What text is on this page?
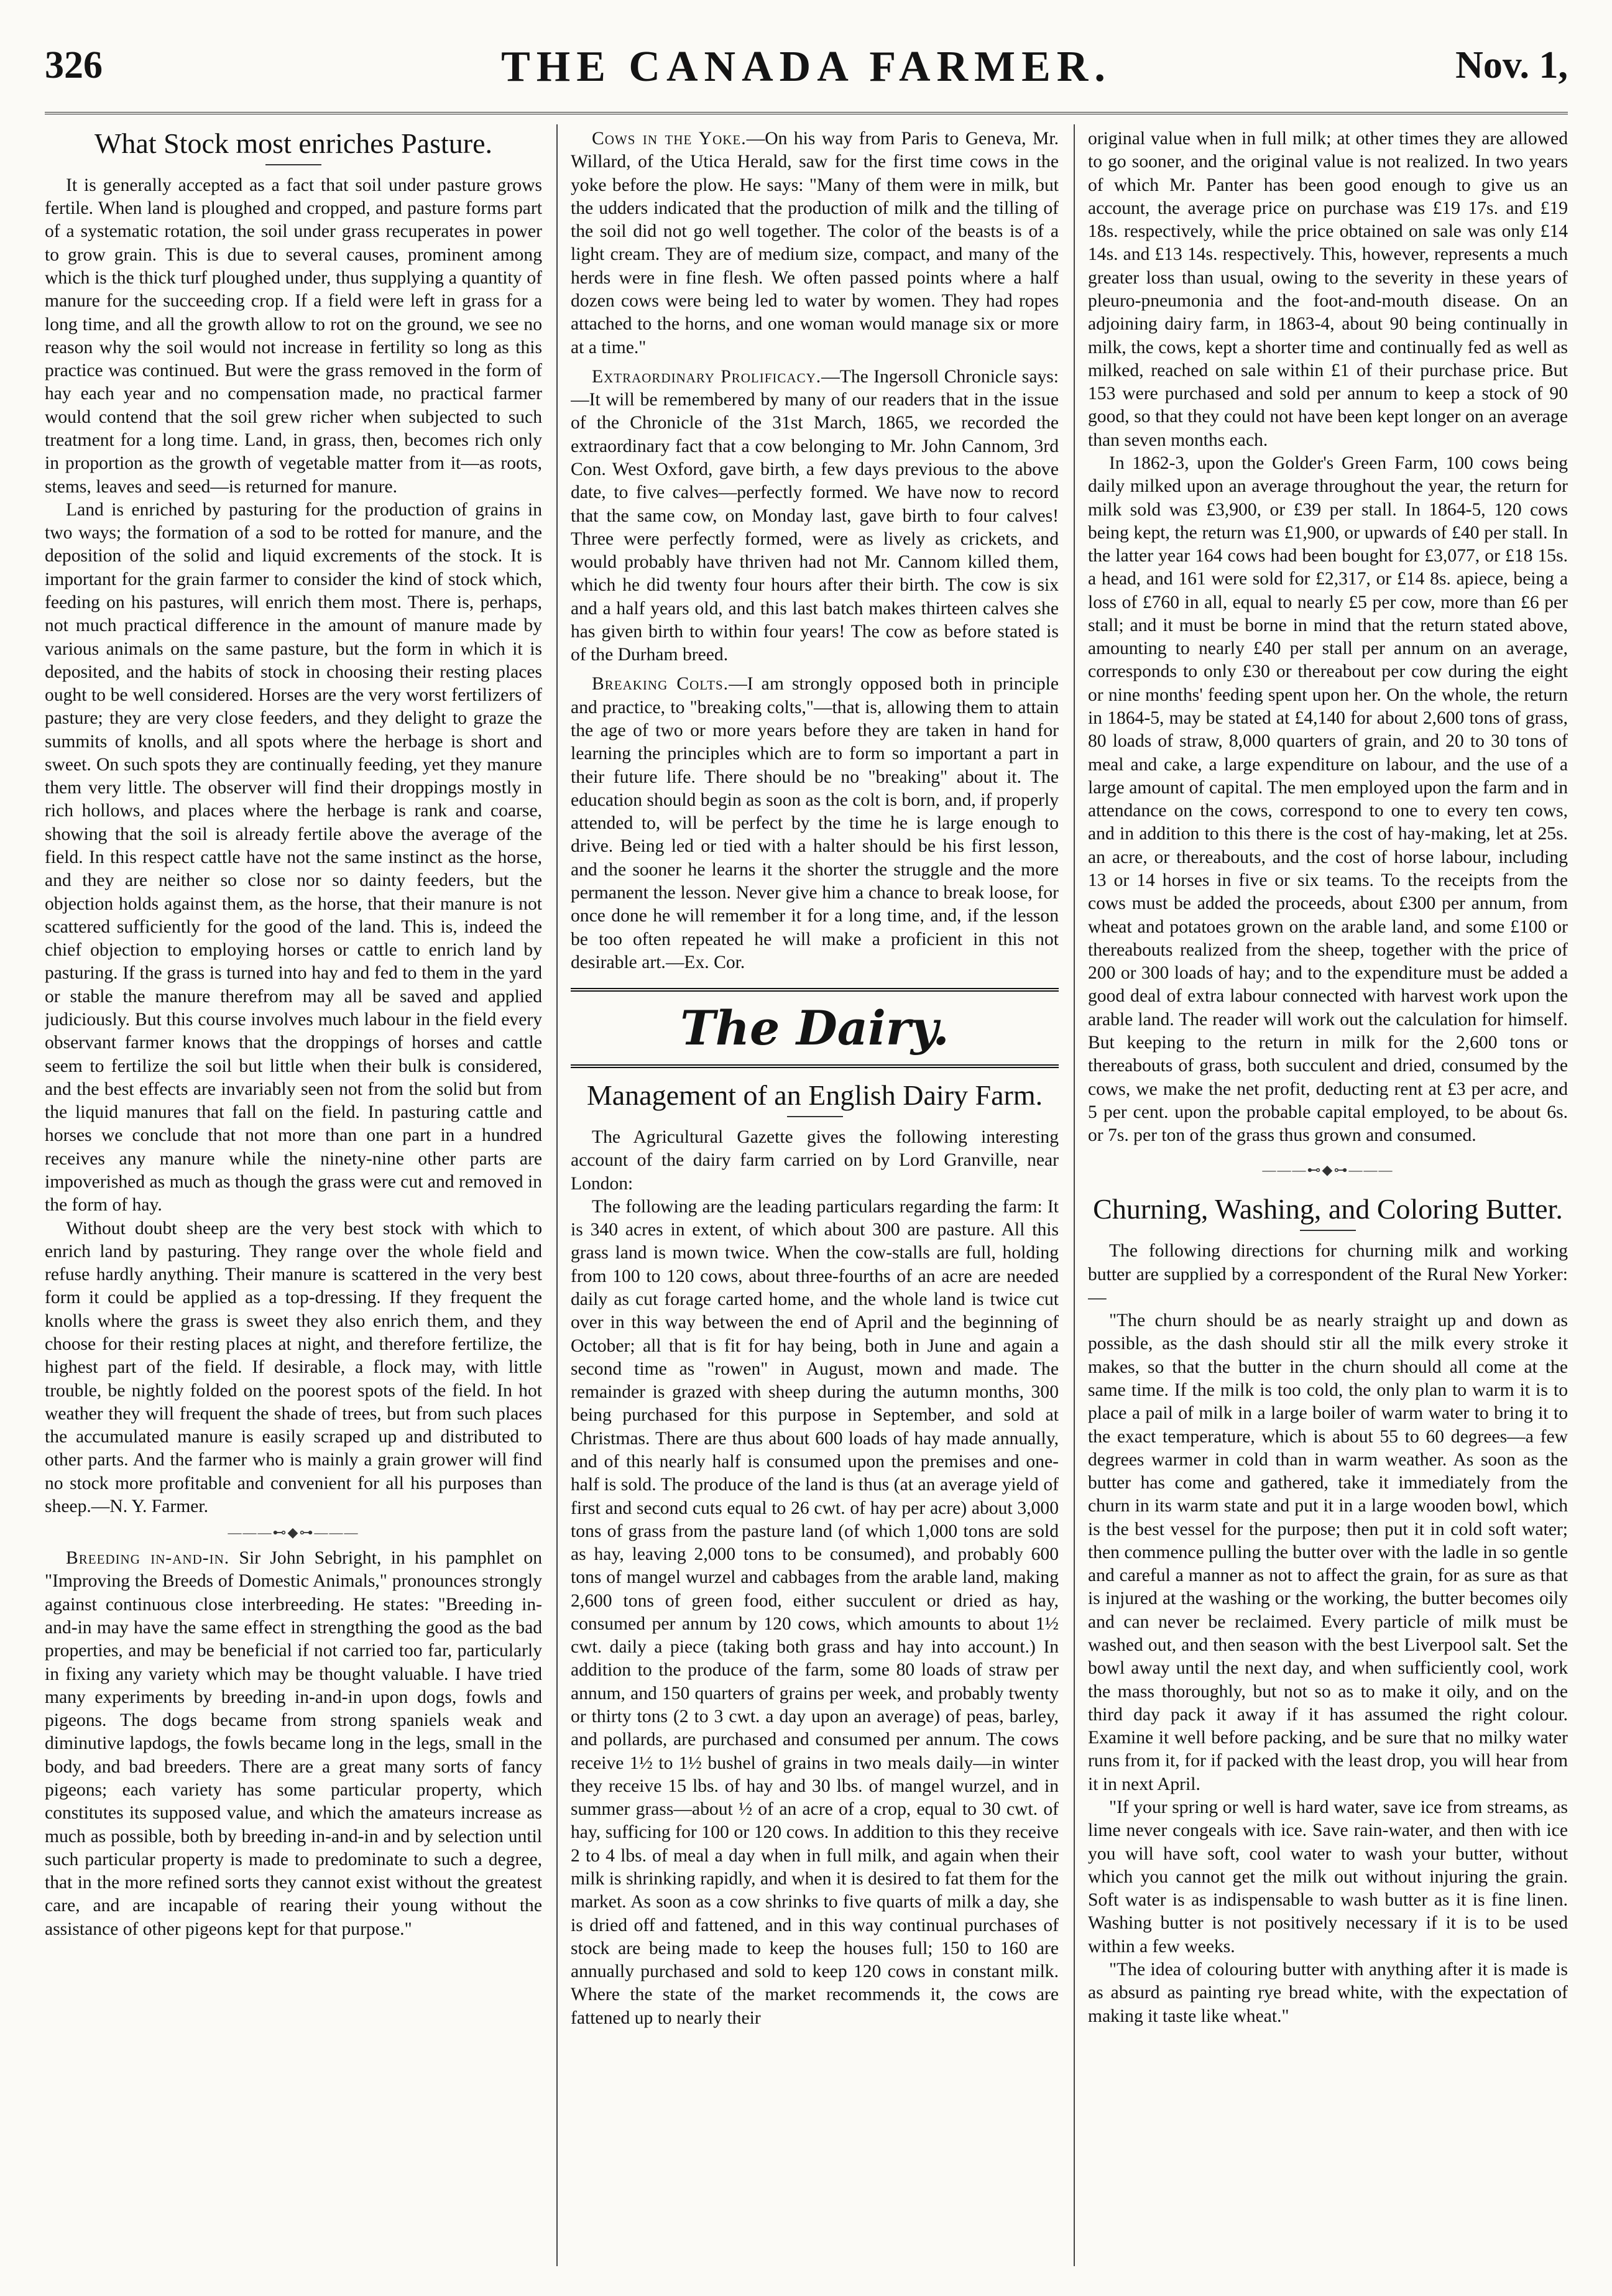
326	THE CANADA FARMER.	Nov. 1,
What Stock most enriches Pasture.

It is generally accepted as a fact that soil under pasture grows fertile. When land is ploughed and cropped, and pasture forms part of a systematic rotation, the soil under grass recuperates in power to grow grain. This is due to several causes, prominent among which is the thick turf ploughed under, thus supplying a quantity of manure for the succeeding crop. If a field were left in grass for a long time, and all the growth allow to rot on the ground, we see no reason why the soil would not increase in fertility so long as this practice was continued. But were the grass removed in the form of hay each year and no compensation made, no practical farmer would contend that the soil grew richer when subjected to such treatment for a long time. Land, in grass, then, becomes rich only in proportion as the growth of vegetable matter from it—as roots, stems, leaves and seed—is returned for manure.

Land is enriched by pasturing for the production of grains in two ways; the formation of a sod to be rotted for manure, and the deposition of the solid and liquid excrements of the stock. It is important for the grain farmer to consider the kind of stock which, feeding on his pastures, will enrich them most. There is, perhaps, not much practical difference in the amount of manure made by various animals on the same pasture, but the form in which it is deposited, and the habits of stock in choosing their resting places ought to be well considered. Horses are the very worst fertilizers of pasture; they are very close feeders, and they delight to graze the summits of knolls, and all spots where the herbage is short and sweet. On such spots they are continually feeding, yet they manure them very little. The observer will find their droppings mostly in rich hollows, and places where the herbage is rank and coarse, showing that the soil is already fertile above the average of the field. In this respect cattle have not the same instinct as the horse, and they are neither so close nor so dainty feeders, but the objection holds against them, as the horse, that their manure is not scattered sufficiently for the good of the land. This is, indeed the chief objection to employing horses or cattle to enrich land by pasturing. If the grass is turned into hay and fed to them in the yard or stable the manure therefrom may all be saved and applied judiciously. But this course involves much labour in the field every observant farmer knows that the droppings of horses and cattle seem to fertilize the soil but little when their bulk is considered, and the best effects are invariably seen not from the solid but from the liquid manures that fall on the field. In pasturing cattle and horses we conclude that not more than one part in a hundred receives any manure while the ninety-nine other parts are impoverished as much as though the grass were cut and removed in the form of hay.

Without doubt sheep are the very best stock with which to enrich land by pasturing. They range over the whole field and refuse hardly anything. Their manure is scattered in the very best form it could be applied as a top-dressing. If they frequent the knolls where the grass is sweet they also enrich them, and they choose for their resting places at night, and therefore fertilize, the highest part of the field. If desirable, a flock may, with little trouble, be nightly folded on the poorest spots of the field. In hot weather they will frequent the shade of trees, but from such places the accumulated manure is easily scraped up and distributed to other parts. And the farmer who is mainly a grain grower will find no stock more profitable and convenient for all his purposes than sheep.—N. Y. Farmer.

———⊷◆⊶———

Breeding in-and-in. Sir John Sebright, in his pamphlet on "Improving the Breeds of Domestic Animals," pronounces strongly against continuous close interbreeding. He states: "Breeding in-and-in may have the same effect in strengthing the good as the bad properties, and may be beneficial if not carried too far, particularly in fixing any variety which may be thought valuable. I have tried many experiments by breeding in-and-in upon dogs, fowls and pigeons. The dogs became from strong spaniels weak and diminutive lapdogs, the fowls became long in the legs, small in the body, and bad breeders. There are a great many sorts of fancy pigeons; each variety has some particular property, which constitutes its supposed value, and which the amateurs increase as much as possible, both by breeding in-and-in and by selection until such particular property is made to predominate to such a degree, that in the more refined sorts they cannot exist without the greatest care, and are incapable of rearing their young without the assistance of other pigeons kept for that purpose."

Cows in the Yoke.—On his way from Paris to Geneva, Mr. Willard, of the Utica Herald, saw for the first time cows in the yoke before the plow. He says: "Many of them were in milk, but the udders indicated that the production of milk and the tilling of the soil did not go well together. The color of the beasts is of a light cream. They are of medium size, compact, and many of the herds were in fine flesh. We often passed points where a half dozen cows were being led to water by women. They had ropes attached to the horns, and one woman would manage six or more at a time."

Extraordinary Prolificacy.—The Ingersoll Chronicle says:—It will be remembered by many of our readers that in the issue of the Chronicle of the 31st March, 1865, we recorded the extraordinary fact that a cow belonging to Mr. John Cannom, 3rd Con. West Oxford, gave birth, a few days previous to the above date, to five calves—perfectly formed. We have now to record that the same cow, on Monday last, gave birth to four calves! Three were perfectly formed, were as lively as crickets, and would probably have thriven had not Mr. Cannom killed them, which he did twenty four hours after their birth. The cow is six and a half years old, and this last batch makes thirteen calves she has given birth to within four years! The cow as before stated is of the Durham breed.

Breaking Colts.—I am strongly opposed both in principle and practice, to "breaking colts,"—that is, allowing them to attain the age of two or more years before they are taken in hand for learning the principles which are to form so important a part in their future life. There should be no "breaking" about it. The education should begin as soon as the colt is born, and, if properly attended to, will be perfect by the time he is large enough to drive. Being led or tied with a halter should be his first lesson, and the sooner he learns it the shorter the struggle and the more permanent the lesson. Never give him a chance to break loose, for once done he will remember it for a long time, and, if the lesson be too often repeated he will make a proficient in this not desirable art.—Ex. Cor.

The Dairy.
Management of an English Dairy Farm.

The Agricultural Gazette gives the following interesting account of the dairy farm carried on by Lord Granville, near London:

The following are the leading particulars regarding the farm: It is 340 acres in extent, of which about 300 are pasture. All this grass land is mown twice. When the cow-stalls are full, holding from 100 to 120 cows, about three-fourths of an acre are needed daily as cut forage carted home, and the whole land is twice cut over in this way between the end of April and the beginning of October; all that is fit for hay being, both in June and again a second time as "rowen" in August, mown and made. The remainder is grazed with sheep during the autumn months, 300 being purchased for this purpose in September, and sold at Christmas. There are thus about 600 loads of hay made annually, and of this nearly half is consumed upon the premises and one-half is sold. The produce of the land is thus (at an average yield of first and second cuts equal to 26 cwt. of hay per acre) about 3,000 tons of grass from the pasture land (of which 1,000 tons are sold as hay, leaving 2,000 tons to be consumed), and probably 600 tons of mangel wurzel and cabbages from the arable land, making 2,600 tons of green food, either succulent or dried as hay, consumed per annum by 120 cows, which amounts to about 1½ cwt. daily a piece (taking both grass and hay into account.) In addition to the produce of the farm, some 80 loads of straw per annum, and 150 quarters of grains per week, and probably twenty or thirty tons (2 to 3 cwt. a day upon an average) of peas, barley, and pollards, are purchased and consumed per annum. The cows receive 1½ to 1½ bushel of grains in two meals daily—in winter they receive 15 lbs. of hay and 30 lbs. of mangel wurzel, and in summer grass—about ½ of an acre of a crop, equal to 30 cwt. of hay, sufficing for 100 or 120 cows. In addition to this they receive 2 to 4 lbs. of meal a day when in full milk, and again when their milk is shrinking rapidly, and when it is desired to fat them for the market. As soon as a cow shrinks to five quarts of milk a day, she is dried off and fattened, and in this way continual purchases of stock are being made to keep the houses full; 150 to 160 are annually purchased and sold to keep 120 cows in constant milk. Where the state of the market recommends it, the cows are fattened up to nearly their

original value when in full milk; at other times they are allowed to go sooner, and the original value is not realized. In two years of which Mr. Panter has been good enough to give us an account, the average price on purchase was £19 17s. and £19 18s. respectively, while the price obtained on sale was only £14 14s. and £13 14s. respectively. This, however, represents a much greater loss than usual, owing to the severity in these years of pleuro-pneumonia and the foot-and-mouth disease. On an adjoining dairy farm, in 1863-4, about 90 being continually in milk, the cows, kept a shorter time and continually fed as well as milked, reached on sale within £1 of their purchase price. But 153 were purchased and sold per annum to keep a stock of 90 good, so that they could not have been kept longer on an average than seven months each.

In 1862-3, upon the Golder's Green Farm, 100 cows being daily milked upon an average throughout the year, the return for milk sold was £3,900, or £39 per stall. In 1864-5, 120 cows being kept, the return was £1,900, or upwards of £40 per stall. In the latter year 164 cows had been bought for £3,077, or £18 15s. a head, and 161 were sold for £2,317, or £14 8s. apiece, being a loss of £760 in all, equal to nearly £5 per cow, more than £6 per stall; and it must be borne in mind that the return stated above, amounting to nearly £40 per stall per annum on an average, corresponds to only £30 or thereabout per cow during the eight or nine months' feeding spent upon her. On the whole, the return in 1864-5, may be stated at £4,140 for about 2,600 tons of grass, 80 loads of straw, 8,000 quarters of grain, and 20 to 30 tons of meal and cake, a large expenditure on labour, and the use of a large amount of capital. The men employed upon the farm and in attendance on the cows, correspond to one to every ten cows, and in addition to this there is the cost of hay-making, let at 25s. an acre, or thereabouts, and the cost of horse labour, including 13 or 14 horses in five or six teams. To the receipts from the cows must be added the proceeds, about £300 per annum, from wheat and potatoes grown on the arable land, and some £100 or thereabouts realized from the sheep, together with the price of 200 or 300 loads of hay; and to the expenditure must be added a good deal of extra labour connected with harvest work upon the arable land. The reader will work out the calculation for himself. But keeping to the return in milk for the 2,600 tons or thereabouts of grass, both succulent and dried, consumed by the cows, we make the net profit, deducting rent at £3 per acre, and 5 per cent. upon the probable capital employed, to be about 6s. or 7s. per ton of the grass thus grown and consumed.

———⊷◆⊶———
Churning, Washing, and Coloring Butter.

The following directions for churning milk and working butter are supplied by a correspondent of the Rural New Yorker:—

"The churn should be as nearly straight up and down as possible, as the dash should stir all the milk every stroke it makes, so that the butter in the churn should all come at the same time. If the milk is too cold, the only plan to warm it is to place a pail of milk in a large boiler of warm water to bring it to the exact temperature, which is about 55 to 60 degrees—a few degrees warmer in cold than in warm weather. As soon as the butter has come and gathered, take it immediately from the churn in its warm state and put it in a large wooden bowl, which is the best vessel for the purpose; then put it in cold soft water; then commence pulling the butter over with the ladle in so gentle and careful a manner as not to affect the grain, for as sure as that is injured at the washing or the working, the butter becomes oily and can never be reclaimed. Every particle of milk must be washed out, and then season with the best Liverpool salt. Set the bowl away until the next day, and when sufficiently cool, work the mass thoroughly, but not so as to make it oily, and on the third day pack it away if it has assumed the right colour. Examine it well before packing, and be sure that no milky water runs from it, for if packed with the least drop, you will hear from it in next April.

"If your spring or well is hard water, save ice from streams, as lime never congeals with ice. Save rain-water, and then with ice you will have soft, cool water to wash your butter, without which you cannot get the milk out without injuring the grain. Soft water is as indispensable to wash butter as it is fine linen. Washing butter is not positively necessary if it is to be used within a few weeks.

"The idea of colouring butter with anything after it is made is as absurd as painting rye bread white, with the expectation of making it taste like wheat."
